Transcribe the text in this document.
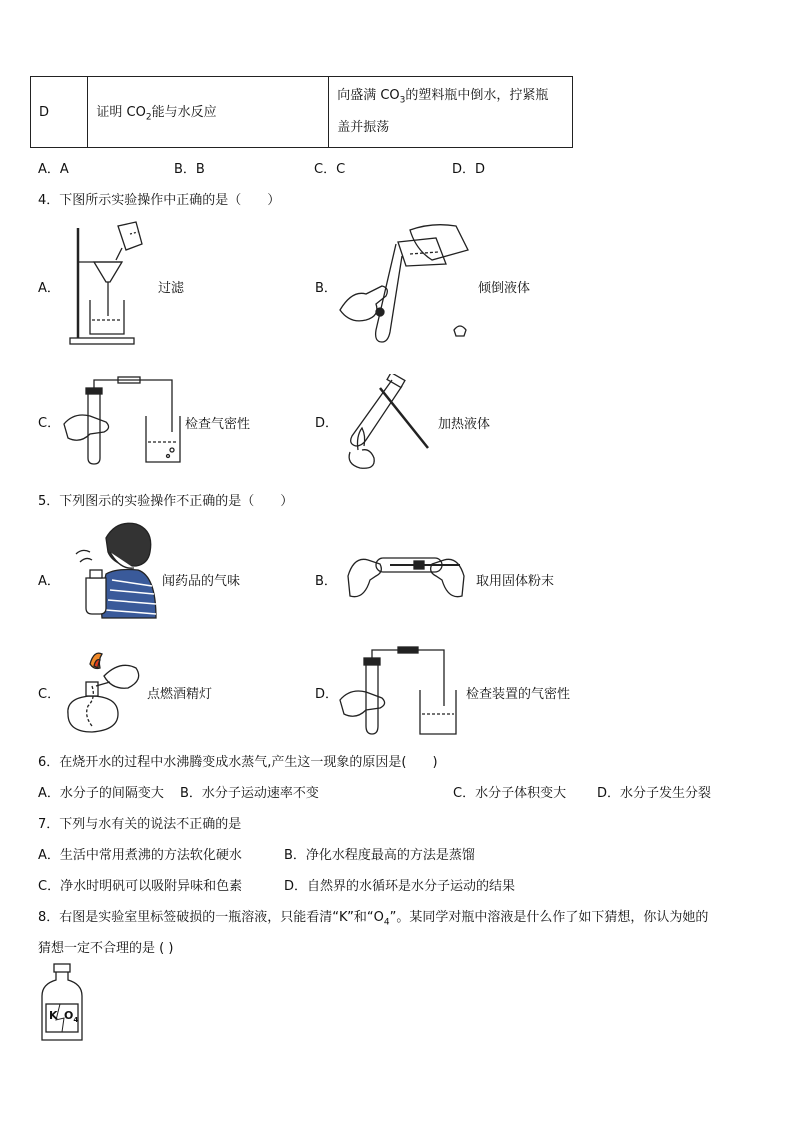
D	证明 $CO_2$能与水反应	向盛满 $CO_3$的塑料瓶中倒水，拧紧瓶
盖并振荡
A．A	B．B	C．C	D．D
4．下图所示实验操作中正确的是（　　）
A．	过滤	B．	倾倒液体
C．	检查气密性	D．	加热液体
5．下列图示的实验操作不正确的是（　　）
A．	闻药品的气味	B．	取用固体粉末
C．	点燃酒精灯	D．	检查装置的气密性
6．在烧开水的过程中水沸腾变成水蒸气,产生这一现象的原因是(　　)
A．水分子的间隔变大 B．水分子运动速率不变	C．水分子体积变大 D．水分子发生分裂
7．下列与水有关的说法不正确的是
A．生活中常用煮沸的方法软化硬水	B．净化水程度最高的方法是蒸馏
C．净水时明矾可以吸附异味和色素	D．自然界的水循环是水分子运动的结果
8．右图是实验室里标签破损的一瓶溶液，只能看清“K”和“$O_4$”。某同学对瓶中溶液是什么作了如下猜想，你认为她的
猜想一定不合理的是 ( )
K $O_4$
